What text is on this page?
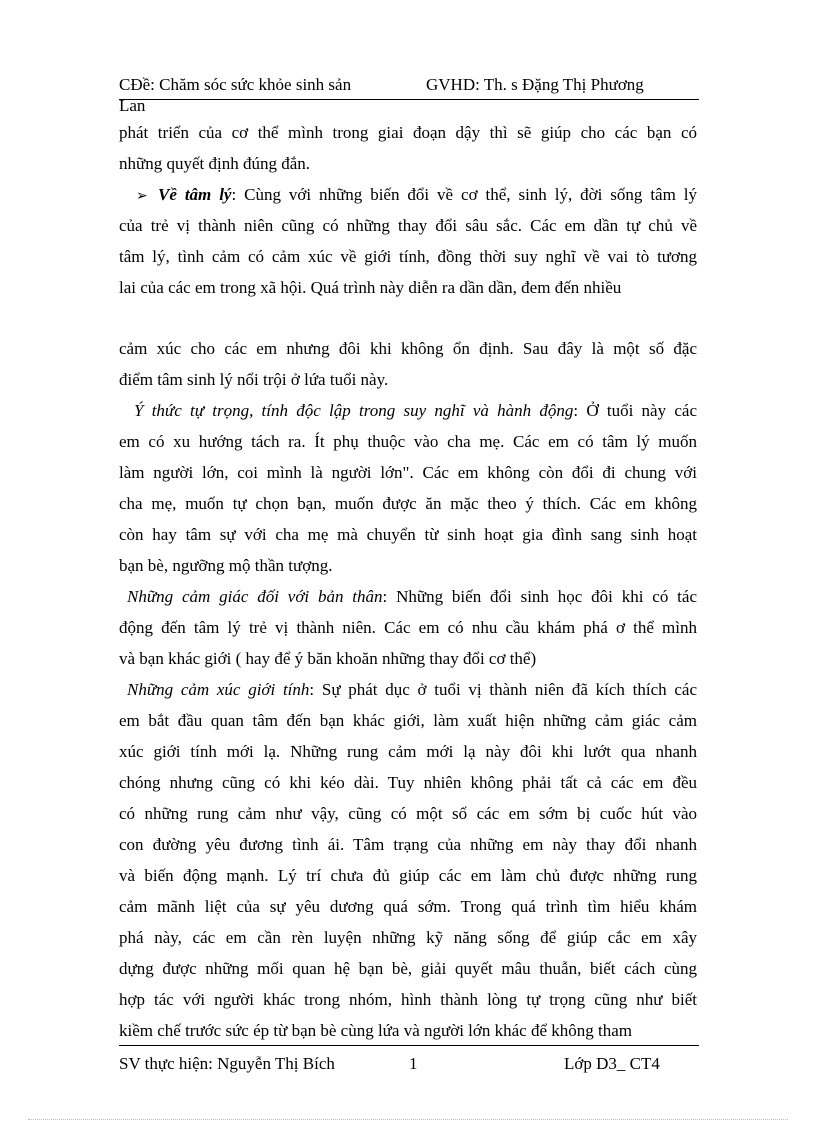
CĐề: Chăm sóc sức khỏe sinh sản	GVHD: Th. s Đặng Thị Phương
Lan
phát triển của cơ thể mình trong giai đoạn dậy thì sẽ giúp cho các bạn có
những quyết định đúng đắn.
➢ Về tâm lý: Cùng với những biến đổi về cơ thể, sinh lý, đời sống tâm lý
của trẻ vị thành niên cũng có những thay đổi sâu sắc. Các em dần tự chủ về
tâm lý, tình cảm có cảm xúc về giới tính, đồng thời suy nghĩ về vai tò tương
lai của các em trong xã hội. Quá trình này diễn ra dần dần, đem đến nhiều
cảm xúc cho các em nhưng đôi khi không ổn định. Sau đây là một số đặc
điểm tâm sinh lý nổi trội ở lứa tuổi này.
Ý thức tự trọng, tính độc lập trong suy nghĩ và hành động: Ở tuổi này các
em có xu hướng tách ra. Ít phụ thuộc vào cha mẹ. Các em có tâm lý muốn
làm người lớn, coi mình là người lớn". Các em không còn đổi đi chung với
cha mẹ, muốn tự chọn bạn, muốn được ăn mặc theo ý thích. Các em không
còn hay tâm sự với cha mẹ mà chuyển từ sinh hoạt gia đình sang sinh hoạt
bạn bè, ngưỡng mộ thần tượng.
Những cảm giác đối với bản thân: Những biến đổi sinh học đôi khi có tác
động đến tâm lý trẻ vị thành niên. Các em có nhu cầu khám phá ơ thể mình
và bạn khác giới ( hay để ý băn khoăn những thay đổi cơ thể)
Những cảm xúc giới tính: Sự phát dục ở tuổi vị thành niên đã kích thích các
em bắt đầu quan tâm đến bạn khác giới, làm xuất hiện những cảm giác cảm
xúc giới tính mới lạ. Những rung cảm mới lạ này đôi khi lướt qua nhanh
chóng nhưng cũng có khi kéo dài. Tuy nhiên không phải tất cả các em đều
có những rung cảm như vậy, cũng có một số các em sớm bị cuốc hút vào
con đường yêu đương tình ái. Tâm trạng của những em này thay đổi nhanh
và biến động mạnh. Lý trí chưa đủ giúp các em làm chủ được những rung
cảm mãnh liệt của sự yêu dương quá sớm. Trong quá trình tìm hiểu khám
phá này, các em cần rèn luyện những kỹ năng sống để giúp cắc em xây
dựng được những mối quan hệ bạn bè, giải quyết mâu thuẫn, biết cách cùng
hợp tác với người khác trong nhóm, hình thành lòng tự trọng cũng như biết
kiềm chế trước sức ép từ bạn bè cùng lứa và người lớn khác để không tham
SV thực hiện: Nguyễn Thị Bích	1	Lớp D3_ CT4
